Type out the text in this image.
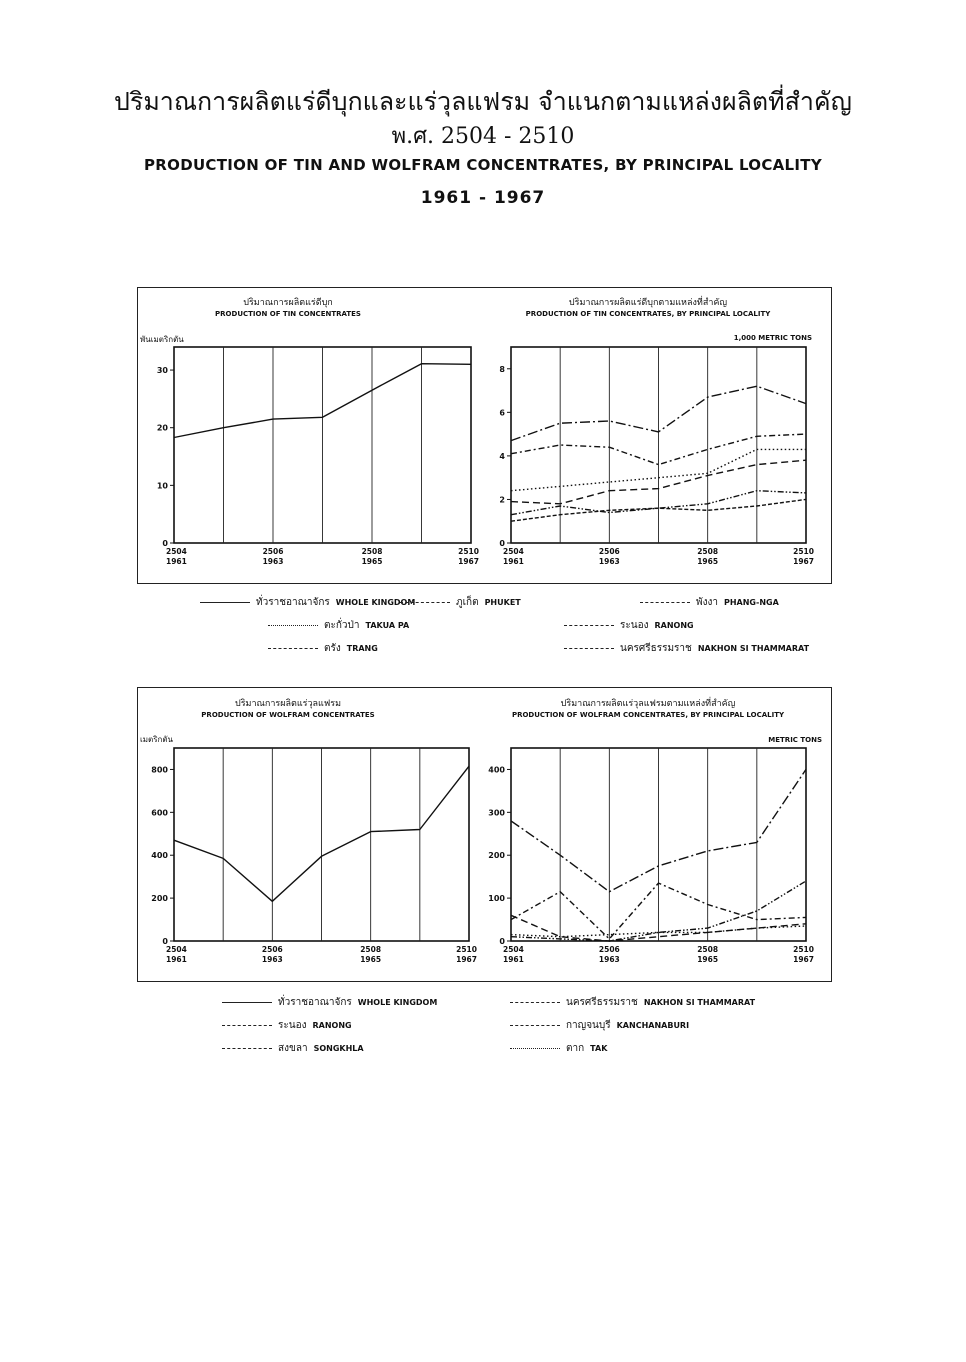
ปริมาณการผลิตแร่ดีบุกและแร่วุลแฟรม จำแนกตามแหล่งผลิตที่สำคัญ
พ.ศ. 2504 - 2510
PRODUCTION OF TIN AND WOLFRAM CONCENTRATES, BY PRINCIPAL LOCALITY
1961 - 1967
ปริมาณการผลิตแร่ดีบุก
PRODUCTION OF TIN CONCENTRATES
พันเมตริกตัน
0
10
20
30
2504
1961
2506
1963
2508
1965
2510
1967
ปริมาณการผลิตแร่ดีบุกตามแหล่งที่สำคัญ
PRODUCTION OF TIN CONCENTRATES, BY PRINCIPAL LOCALITY
1,000 METRIC TONS
0
2
4
6
8
2504
1961
2506
1963
2508
1965
2510
1967
ทั่วราชอาณาจักร WHOLE KINGDOM	ภูเก็ต PHUKET	พังงา PHANG-NGA
ตะกั่วป่า TAKUA PA	ระนอง RANONG
ตรัง TRANG	นครศรีธรรมราช NAKHON SI THAMMARAT
ปริมาณการผลิตแร่วุลแฟรม
PRODUCTION OF WOLFRAM CONCENTRATES
เมตริกตัน
0
200
400
600
800
2504
1961
2506
1963
2508
1965
2510
1967
ปริมาณการผลิตแร่วุลแฟรมตามแหล่งที่สำคัญ
PRODUCTION OF WOLFRAM CONCENTRATES, BY PRINCIPAL LOCALITY
METRIC TONS
0
100
200
300
400
2504
1961
2506
1963
2508
1965
2510
1967
ทั่วราชอาณาจักร WHOLE KINGDOM	นครศรีธรรมราช NAKHON SI THAMMARAT
ระนอง RANONG	กาญจนบุรี KANCHANABURI
สงขลา SONGKHLA	ตาก TAK
